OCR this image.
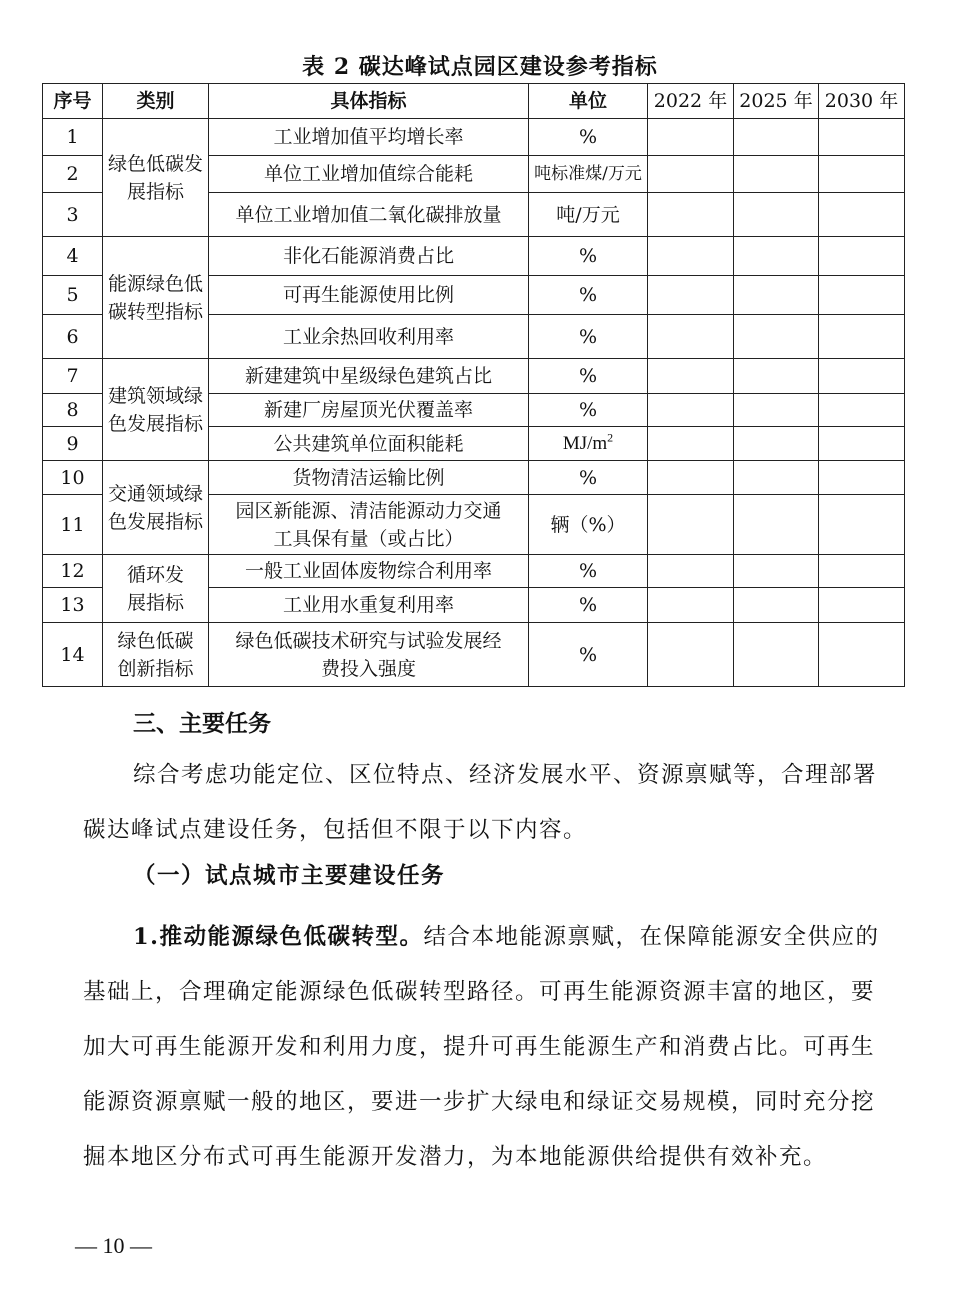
表 2 碳达峰试点园区建设参考指标
序号	类别	具体指标	单位	2022 年	2025 年	2030 年
1	绿色低碳发展指标	工业增加值平均增长率	%			
2		单位工业增加值综合能耗	吨标准煤/万元			
3		单位工业增加值二氧化碳排放量	吨/万元			
4	能源绿色低碳转型指标	非化石能源消费占比	%			
5		可再生能源使用比例	%			
6		工业余热回收利用率	%			
7	建筑领域绿色发展指标	新建建筑中星级绿色建筑占比	%			
8		新建厂房屋顶光伏覆盖率	%			
9		公共建筑单位面积能耗	$MJ/m^2$			
10	交通领域绿色发展指标	货物清洁运输比例	%			
11		园区新能源、清洁能源动力交通工具保有量（或占比）	辆（%）			
12	循环发展指标	一般工业固体废物综合利用率	%			
13		工业用水重复利用率	%			
14	绿色低碳创新指标	绿色低碳技术研究与试验发展经费投入强度	%			
三、主要任务

综合考虑功能定位、区位特点、经济发展水平、资源禀赋等，合理部署碳达峰试点建设任务，包括但不限于以下内容。

（一）试点城市主要建设任务

1.推动能源绿色低碳转型。结合本地能源禀赋，在保障能源安全供应的基础上，合理确定能源绿色低碳转型路径。可再生能源资源丰富的地区，要加大可再生能源开发和利用力度，提升可再生能源生产和消费占比。可再生能源资源禀赋一般的地区，要进一步扩大绿电和绿证交易规模，同时充分挖掘本地区分布式可再生能源开发潜力，为本地能源供给提供有效补充。

— 10 —
